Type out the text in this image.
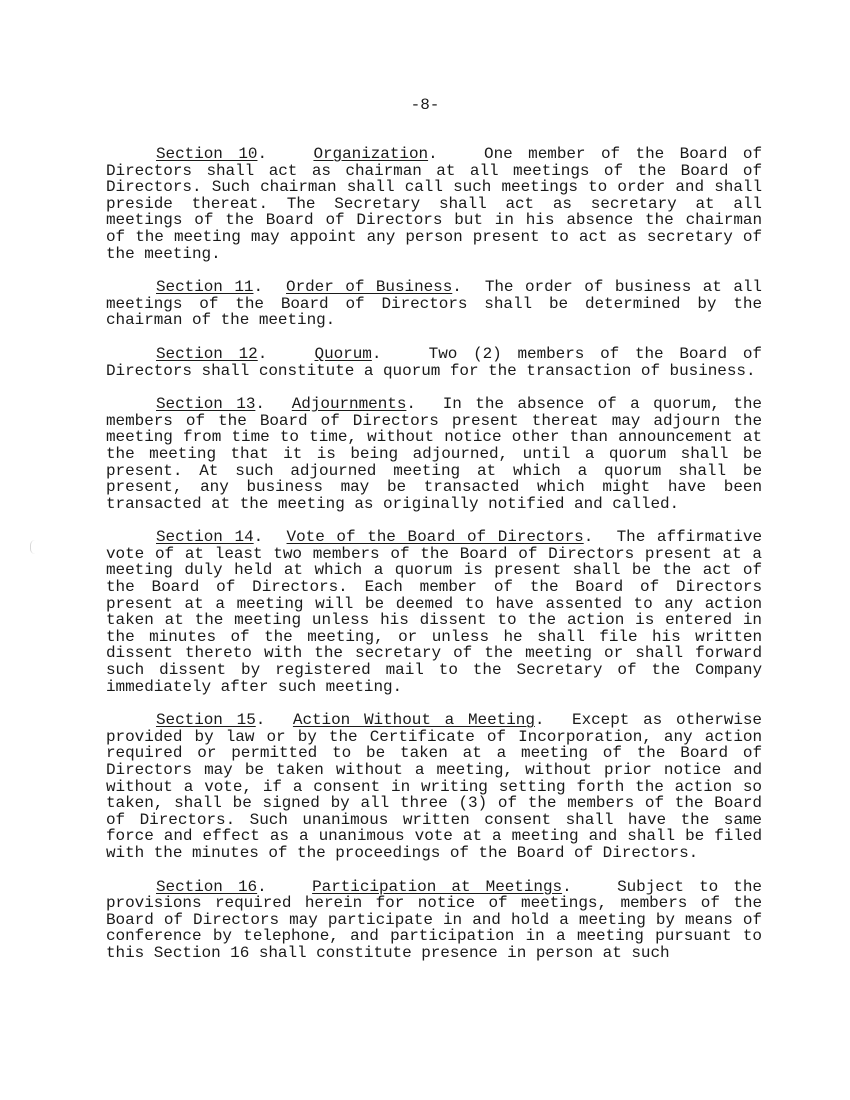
-8-

Section 10.   Organization.   One member of the Board of Directors shall act as chairman at all meetings of the Board of Directors. Such chairman shall call such meetings to order and shall preside thereat. The Secretary shall act as secretary at all meetings of the Board of Directors but in his absence the chairman of the meeting may appoint any person present to act as secretary of the meeting.

Section 11.  Order of Business.  The order of business at all meetings of the Board of Directors shall be determined by the chairman of the meeting.

Section 12.   Quorum.   Two (2) members of the Board of Directors shall constitute a quorum for the transaction of business.

Section 13.  Adjournments.  In the absence of a quorum, the members of the Board of Directors present thereat may adjourn the meeting from time to time, without notice other than announcement at the meeting that it is being adjourned, until a quorum shall be present. At such adjourned meeting at which a quorum shall be present, any business may be transacted which might have been transacted at the meeting as originally notified and called.

Section 14.  Vote of the Board of Directors.  The affirmative vote of at least two members of the Board of Directors present at a meeting duly held at which a quorum is present shall be the act of the Board of Directors. Each member of the Board of Directors present at a meeting will be deemed to have assented to any action taken at the meeting unless his dissent to the action is entered in the minutes of the meeting, or unless he shall file his written dissent thereto with the secretary of the meeting or shall forward such dissent by registered mail to the Secretary of the Company immediately after such meeting.

Section 15.  Action Without a Meeting.  Except as otherwise provided by law or by the Certificate of Incorporation, any action required or permitted to be taken at a meeting of the Board of Directors may be taken without a meeting, without prior notice and without a vote, if a consent in writing setting forth the action so taken, shall be signed by all three (3) of the members of the Board of Directors. Such unanimous written consent shall have the same force and effect as a unanimous vote at a meeting and shall be filed with the minutes of the proceedings of the Board of Directors.

Section 16.   Participation at Meetings.   Subject to the provisions required herein for notice of meetings, members of the Board of Directors may participate in and hold a meeting by means of conference by telephone, and participation in a meeting pursuant to this Section 16 shall constitute presence in person at such
